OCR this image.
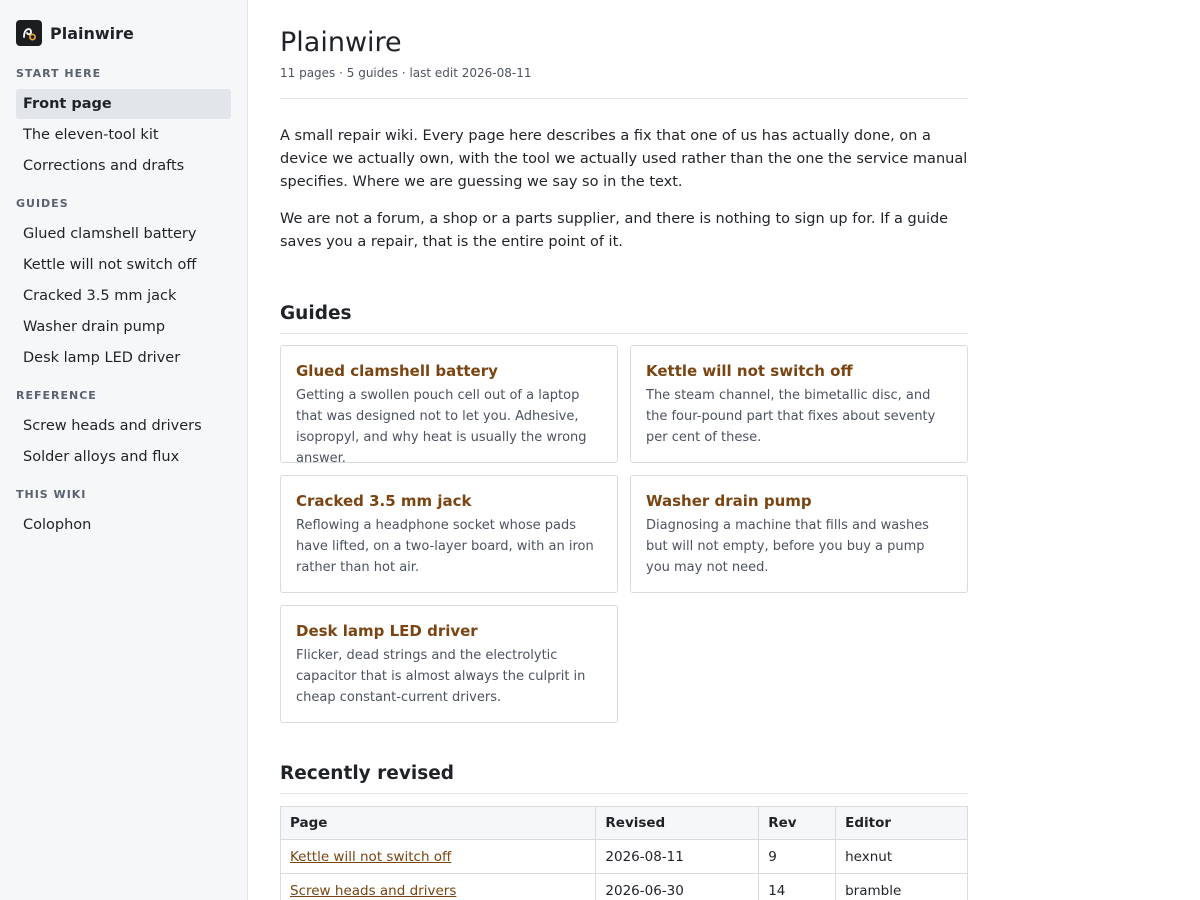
Plainwire
START HERE
Front page
The eleven-tool kit
Corrections and drafts
GUIDES
Glued clamshell battery
Kettle will not switch off
Cracked 3.5 mm jack
Washer drain pump
Desk lamp LED driver
REFERENCE
Screw heads and drivers
Solder alloys and flux
THIS WIKI
Colophon
Plainwire
11 pages · 5 guides · last edit 2026-08-11

A small repair wiki. Every page here describes a fix that one of us has actually done, on a device we actually own, with the tool we actually used rather than the one the service manual specifies. Where we are guessing we say so in the text.

We are not a forum, a shop or a parts supplier, and there is nothing to sign up for. If a guide saves you a repair, that is the entire point of it.

Guides
Glued clamshell battery
Getting a swollen pouch cell out of a laptop that was designed not to let you. Adhesive, isopropyl, and why heat is usually the wrong answer.
Kettle will not switch off
The steam channel, the bimetallic disc, and the four-pound part that fixes about seventy per cent of these.
Cracked 3.5 mm jack
Reflowing a headphone socket whose pads have lifted, on a two-layer board, with an iron rather than hot air.
Washer drain pump
Diagnosing a machine that fills and washes but will not empty, before you buy a pump you may not need.
Desk lamp LED driver
Flicker, dead strings and the electrolytic capacitor that is almost always the culprit in cheap constant-current drivers.
Recently revised
Page	Revised	Rev	Editor
Kettle will not switch off	2026-08-11	9	hexnut
Screw heads and drivers	2026-06-30	14	bramble
